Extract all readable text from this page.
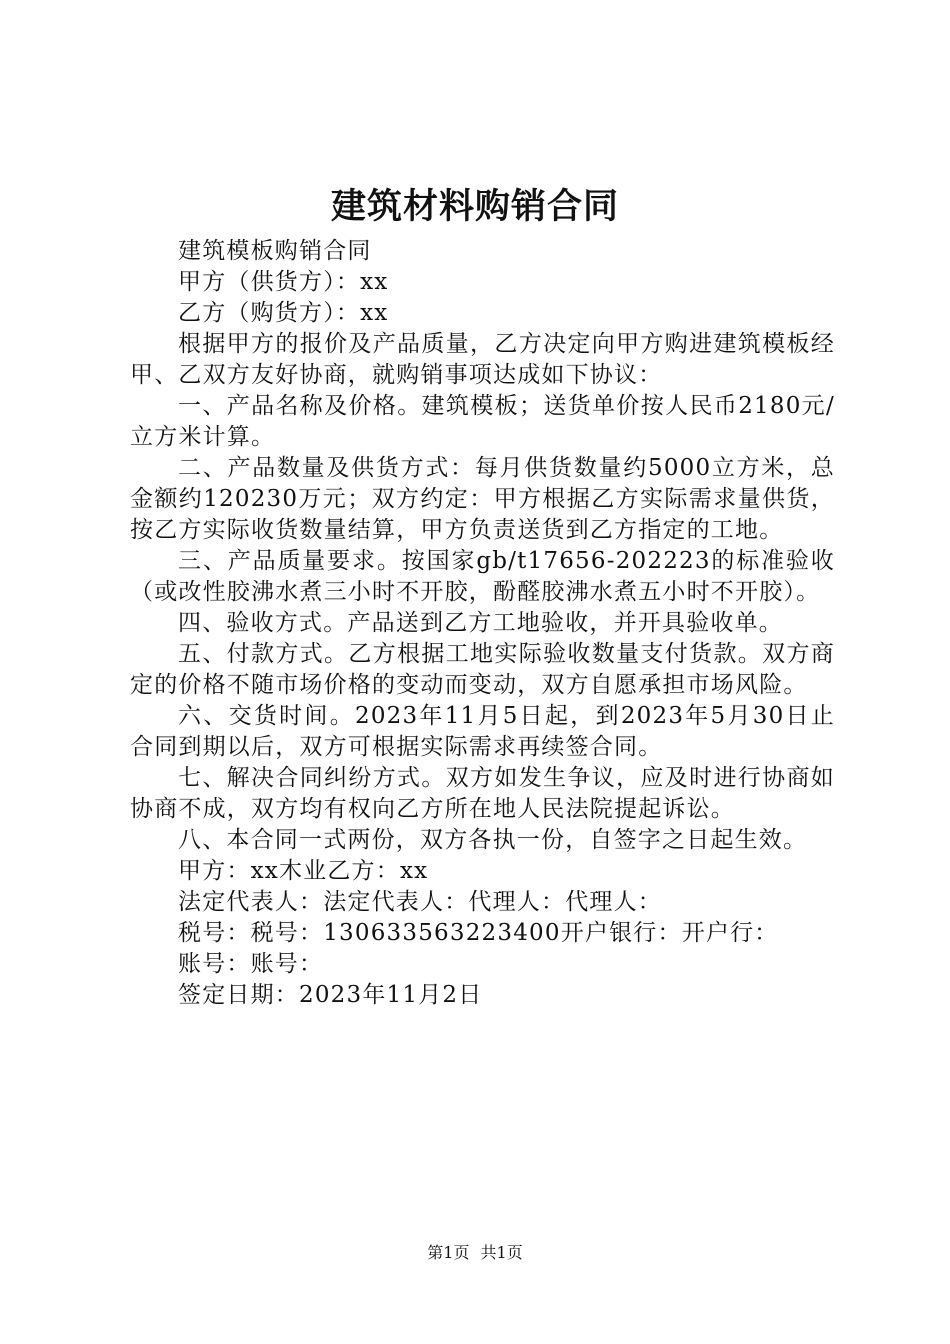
建筑材料购销合同

建筑模板购销合同

甲方（供货方）：xx

乙方（购货方）：xx

根据甲方的报价及产品质量，乙方决定向甲方购进建筑模板经甲、乙双方友好协商，就购销事项达成如下协议：

一、产品名称及价格。建筑模板；送货单价按人民币2180元/立方米计算。

二、产品数量及供货方式：每月供货数量约5000立方米，总金额约120230万元；双方约定：甲方根据乙方实际需求量供货，按乙方实际收货数量结算，甲方负责送货到乙方指定的工地。

三、产品质量要求。按国家gb/t17656-202223的标准验收（或改性胶沸水煮三小时不开胶，酚醛胶沸水煮五小时不开胶）。

四、验收方式。产品送到乙方工地验收，并开具验收单。

五、付款方式。乙方根据工地实际验收数量支付货款。双方商定的价格不随市场价格的变动而变动，双方自愿承担市场风险。

六、交货时间。2023年11月5日起，到2023年5月30日止合同到期以后，双方可根据实际需求再续签合同。

七、解决合同纠纷方式。双方如发生争议，应及时进行协商如协商不成，双方均有权向乙方所在地人民法院提起诉讼。

八、本合同一式两份，双方各执一份，自签字之日起生效。

甲方：xx木业乙方：xx

法定代表人：法定代表人：代理人：代理人：

税号：税号：130633563223400开户银行：开户行：

账号：账号：

签定日期：2023年11月2日

第1页 共1页
